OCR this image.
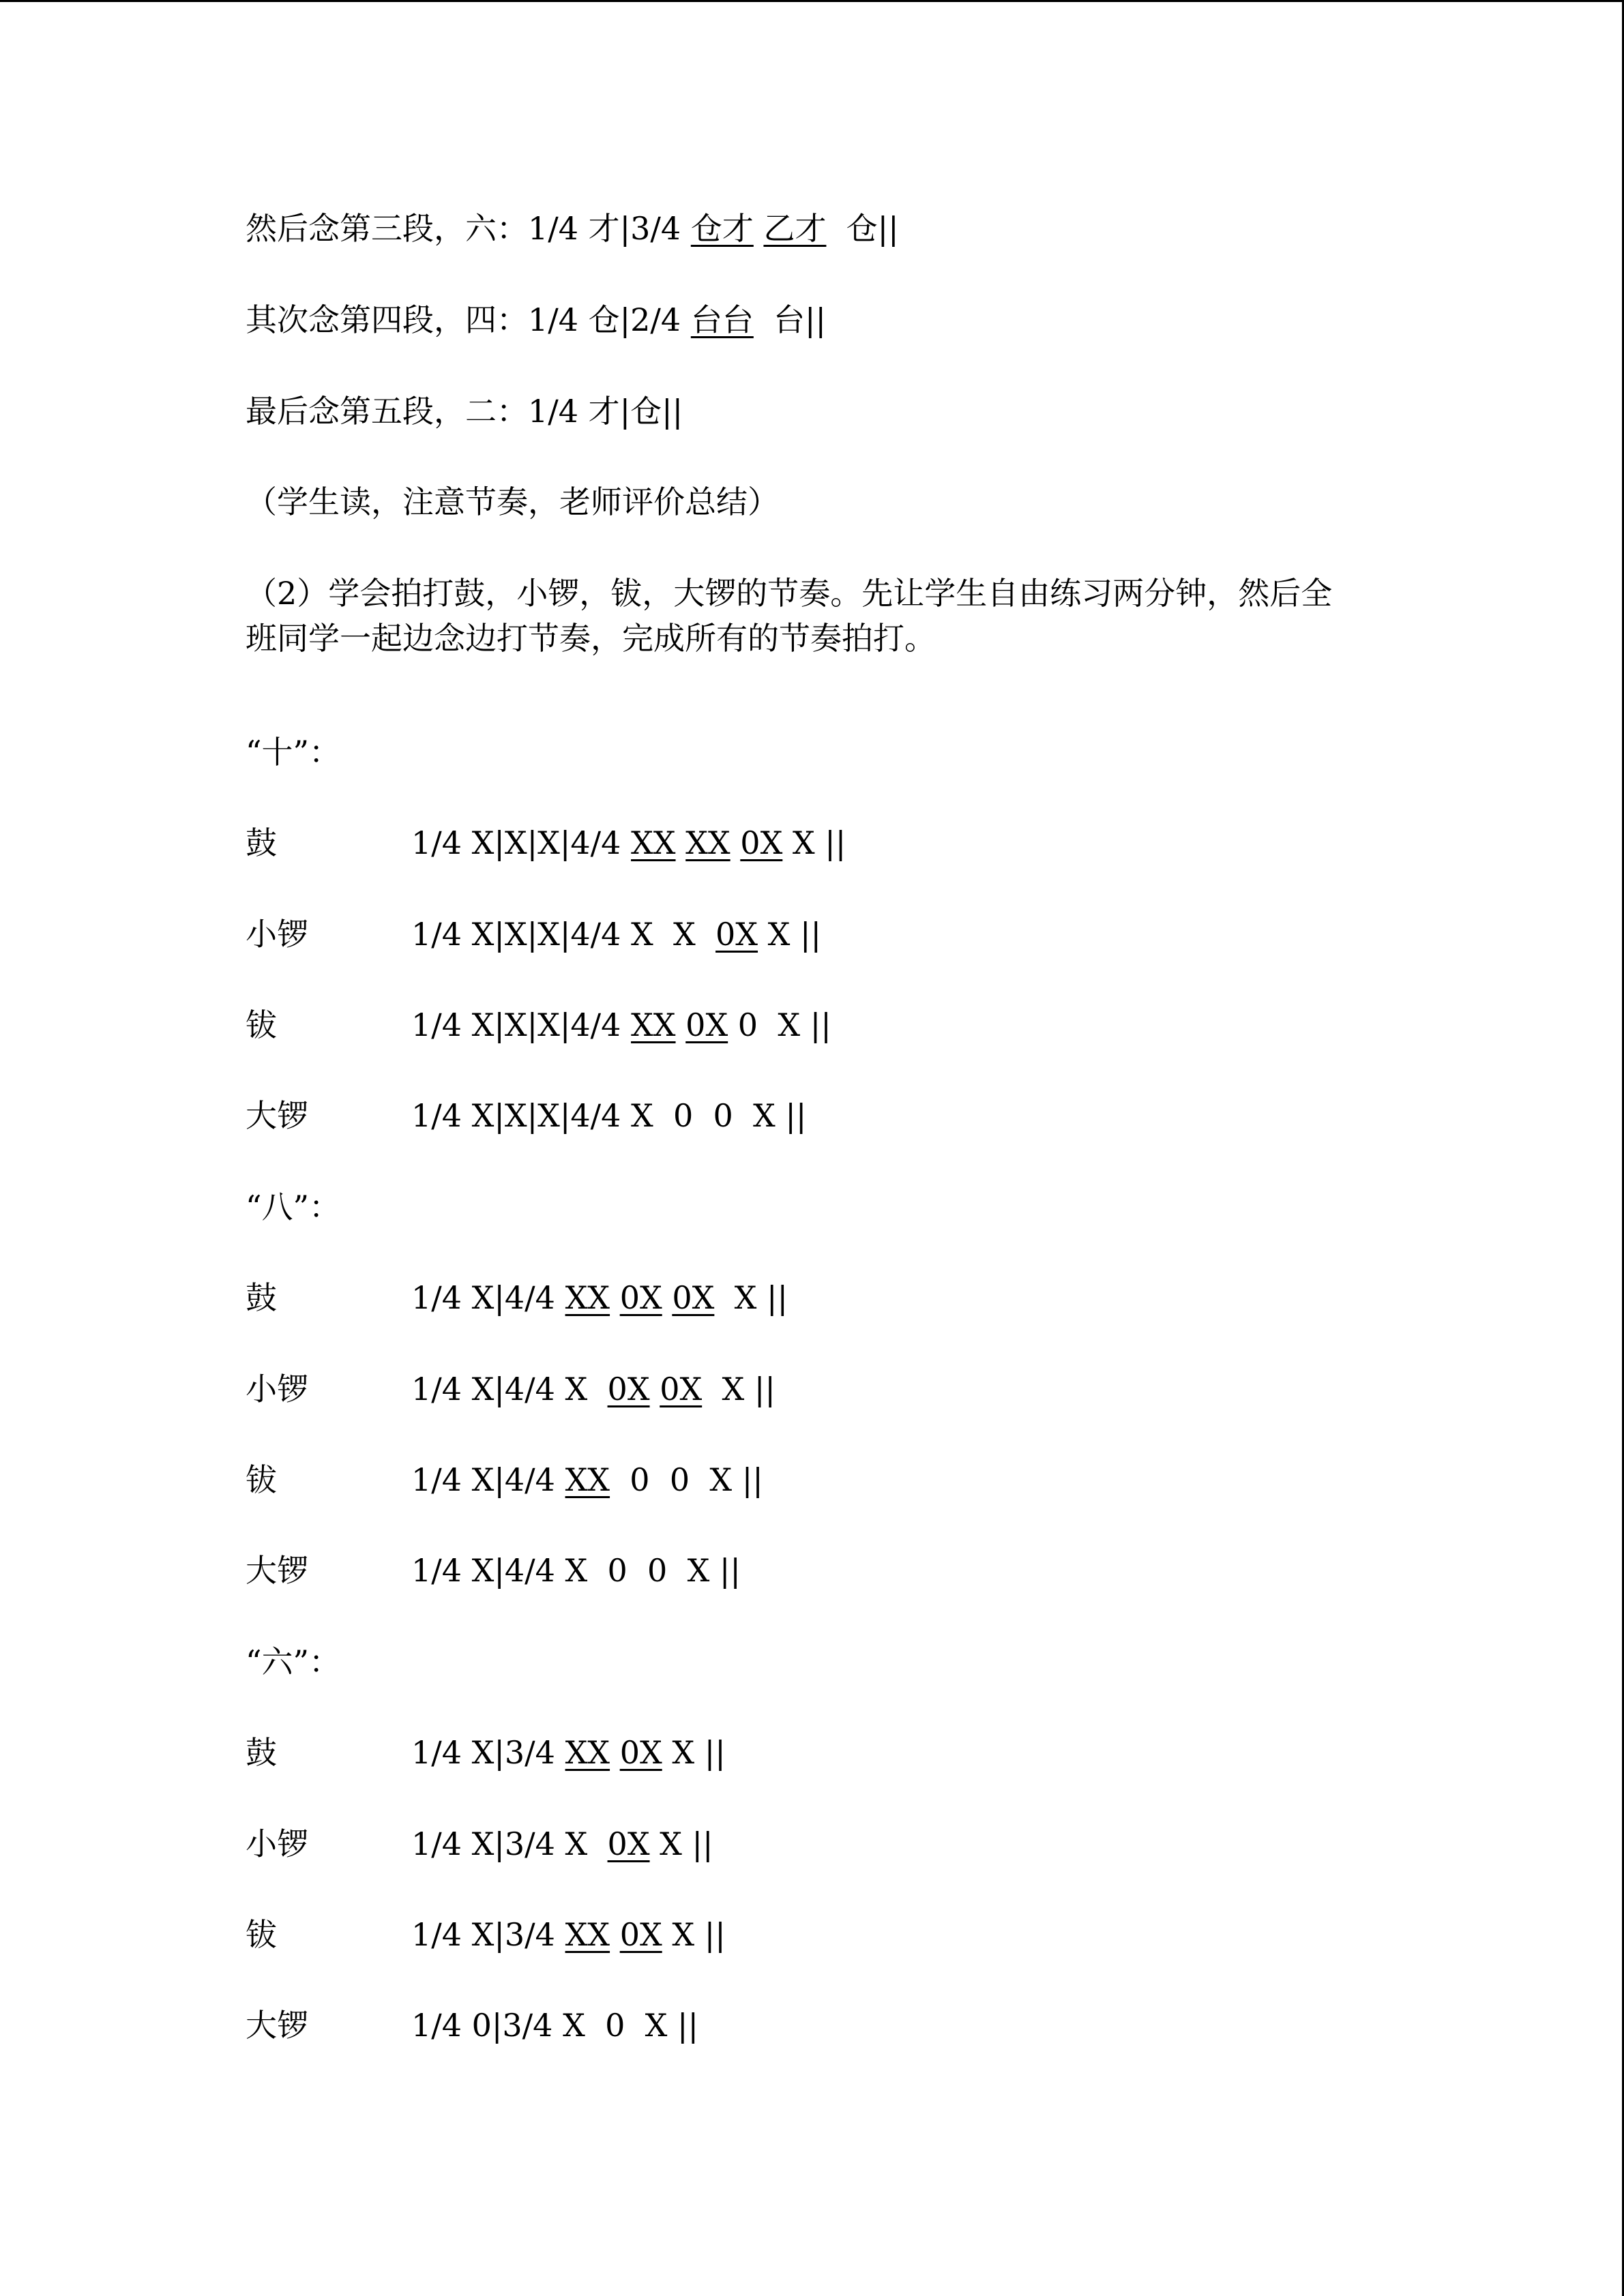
然后念第三段，六：1/4 才|3/4 仓才 乙才  仓||

其次念第四段，四：1/4 仓|2/4 台台  台||

最后念第五段，二：1/4 才|仓||

（学生读，注意节奏，老师评价总结）

（2）学会拍打鼓，小锣，钹，大锣的节奏。先让学生自由练习两分钟，然后全
班同学一起边念边打节奏，完成所有的节奏拍打。

“十”：

鼓	1/4 X|X|X|4/4 XX XX 0X X ||
小锣	1/4 X|X|X|4/4 X  X  0X X ||
钹	1/4 X|X|X|4/4 XX 0X 0  X ||
大锣	1/4 X|X|X|4/4 X  0  0  X ||

“八”：

鼓	1/4 X|4/4 XX 0X 0X  X ||
小锣	1/4 X|4/4 X  0X 0X  X ||
钹	1/4 X|4/4 XX  0  0  X ||
大锣	1/4 X|4/4 X  0  0  X ||

“六”：

鼓	1/4 X|3/4 XX 0X X ||
小锣	1/4 X|3/4 X  0X X ||
钹	1/4 X|3/4 XX 0X X ||
大锣	1/4 0|3/4 X  0  X ||
